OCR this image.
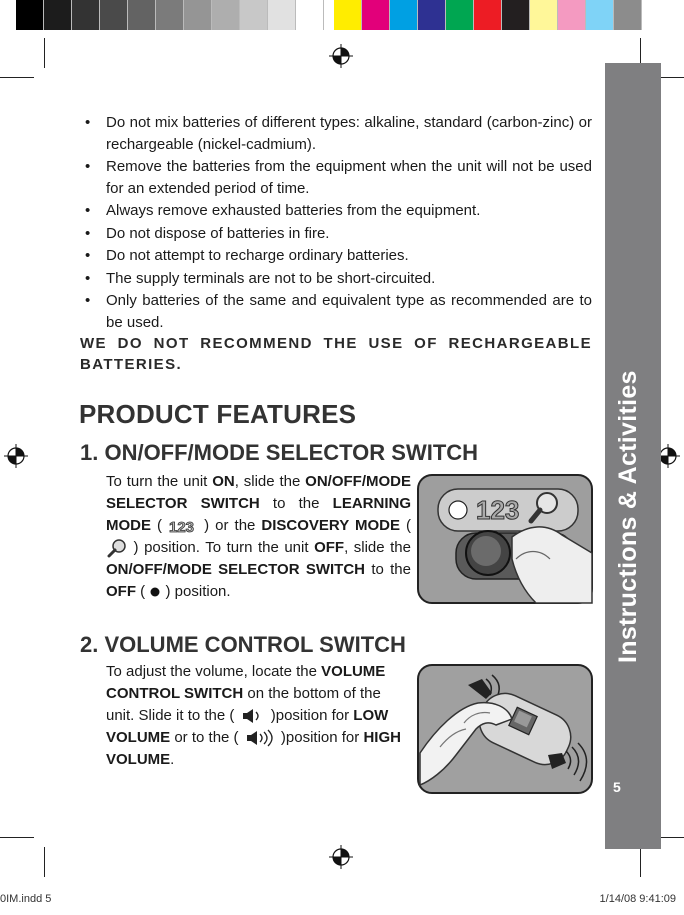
Instructions & Activities
5
• Do not mix batteries of different types: alkaline, standard (carbon-zinc) or rechargeable (nickel-cadmium).
• Remove the batteries from the equipment when the unit will not be used for an extended period of time.
• Always remove exhausted batteries from the equipment.
• Do not dispose of batteries in fire.
• Do not attempt to recharge ordinary batteries.
• The supply terminals are not to be short-circuited.
• Only batteries of the same and equivalent type as recommended are to be used.
WE DO NOT RECOMMEND THE USE OF RECHARGEABLE BATTERIES.
PRODUCT FEATURES
1. ON/OFF/MODE SELECTOR SWITCH
To turn the unit ON, slide the ON/OFF/MODE SELECTOR SWITCH to the LEARNING MODE ( 123 ) or the DISCOVERY MODE (  ) position. To turn the unit OFF, slide the ON/OFF/MODE SELECTOR SWITCH to the OFF ( ) position.
123
2. VOLUME CONTROL SWITCH
To adjust the volume, locate the VOLUME CONTROL SWITCH on the bottom of the unit. Slide it to the ( )position for LOW VOLUME or to the (	)position for HIGH VOLUME.
0IM.indd 5	1/14/08 9:41:09
